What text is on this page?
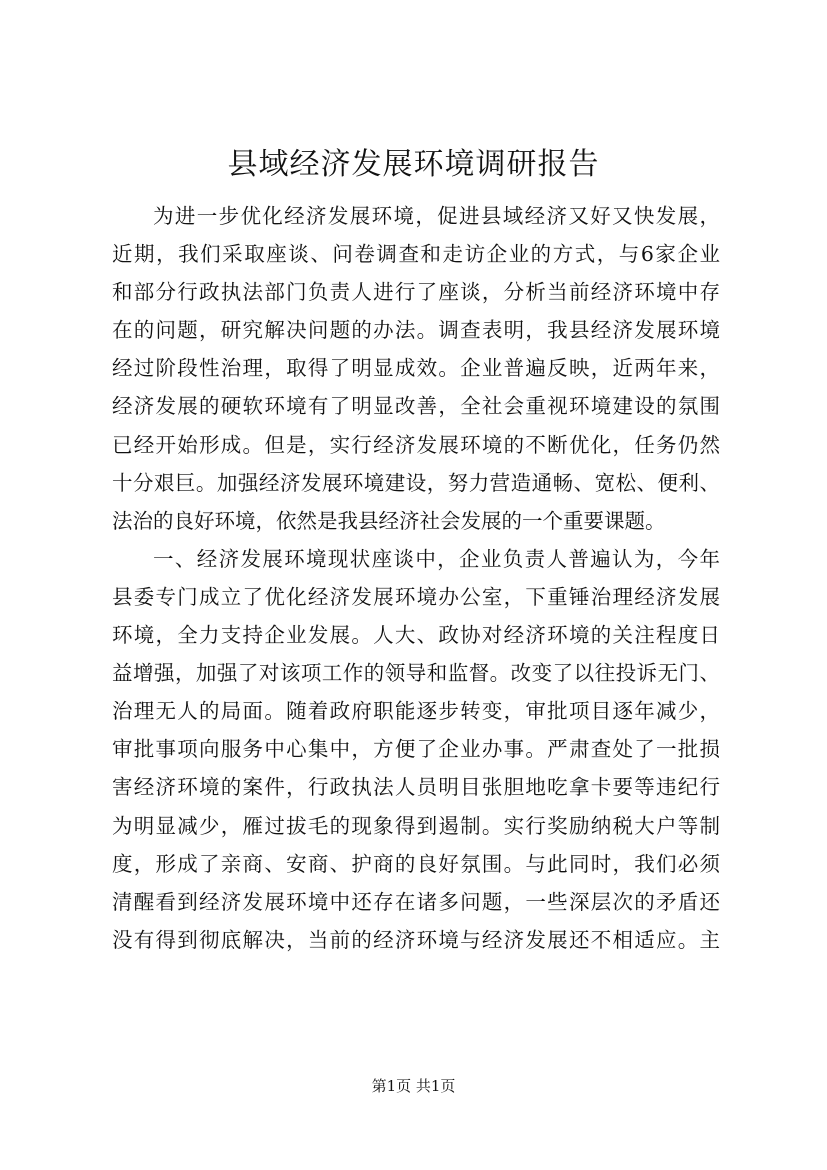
县域经济发展环境调研报告
为进一步优化经济发展环境，促进县域经济又好又快发展，
近期，我们采取座谈、问卷调查和走访企业的方式，与6家企业
和部分行政执法部门负责人进行了座谈，分析当前经济环境中存
在的问题，研究解决问题的办法。调查表明，我县经济发展环境
经过阶段性治理，取得了明显成效。企业普遍反映，近两年来，
经济发展的硬软环境有了明显改善，全社会重视环境建设的氛围
已经开始形成。但是，实行经济发展环境的不断优化，任务仍然
十分艰巨。加强经济发展环境建设，努力营造通畅、宽松、便利、
法治的良好环境，依然是我县经济社会发展的一个重要课题。
一、经济发展环境现状座谈中，企业负责人普遍认为，今年
县委专门成立了优化经济发展环境办公室，下重锤治理经济发展
环境，全力支持企业发展。人大、政协对经济环境的关注程度日
益增强，加强了对该项工作的领导和监督。改变了以往投诉无门、
治理无人的局面。随着政府职能逐步转变，审批项目逐年减少，
审批事项向服务中心集中，方便了企业办事。严肃查处了一批损
害经济环境的案件，行政执法人员明目张胆地吃拿卡要等违纪行
为明显减少，雁过拔毛的现象得到遏制。实行奖励纳税大户等制
度，形成了亲商、安商、护商的良好氛围。与此同时，我们必须
清醒看到经济发展环境中还存在诸多问题，一些深层次的矛盾还
没有得到彻底解决，当前的经济环境与经济发展还不相适应。主
第1页 共1页
